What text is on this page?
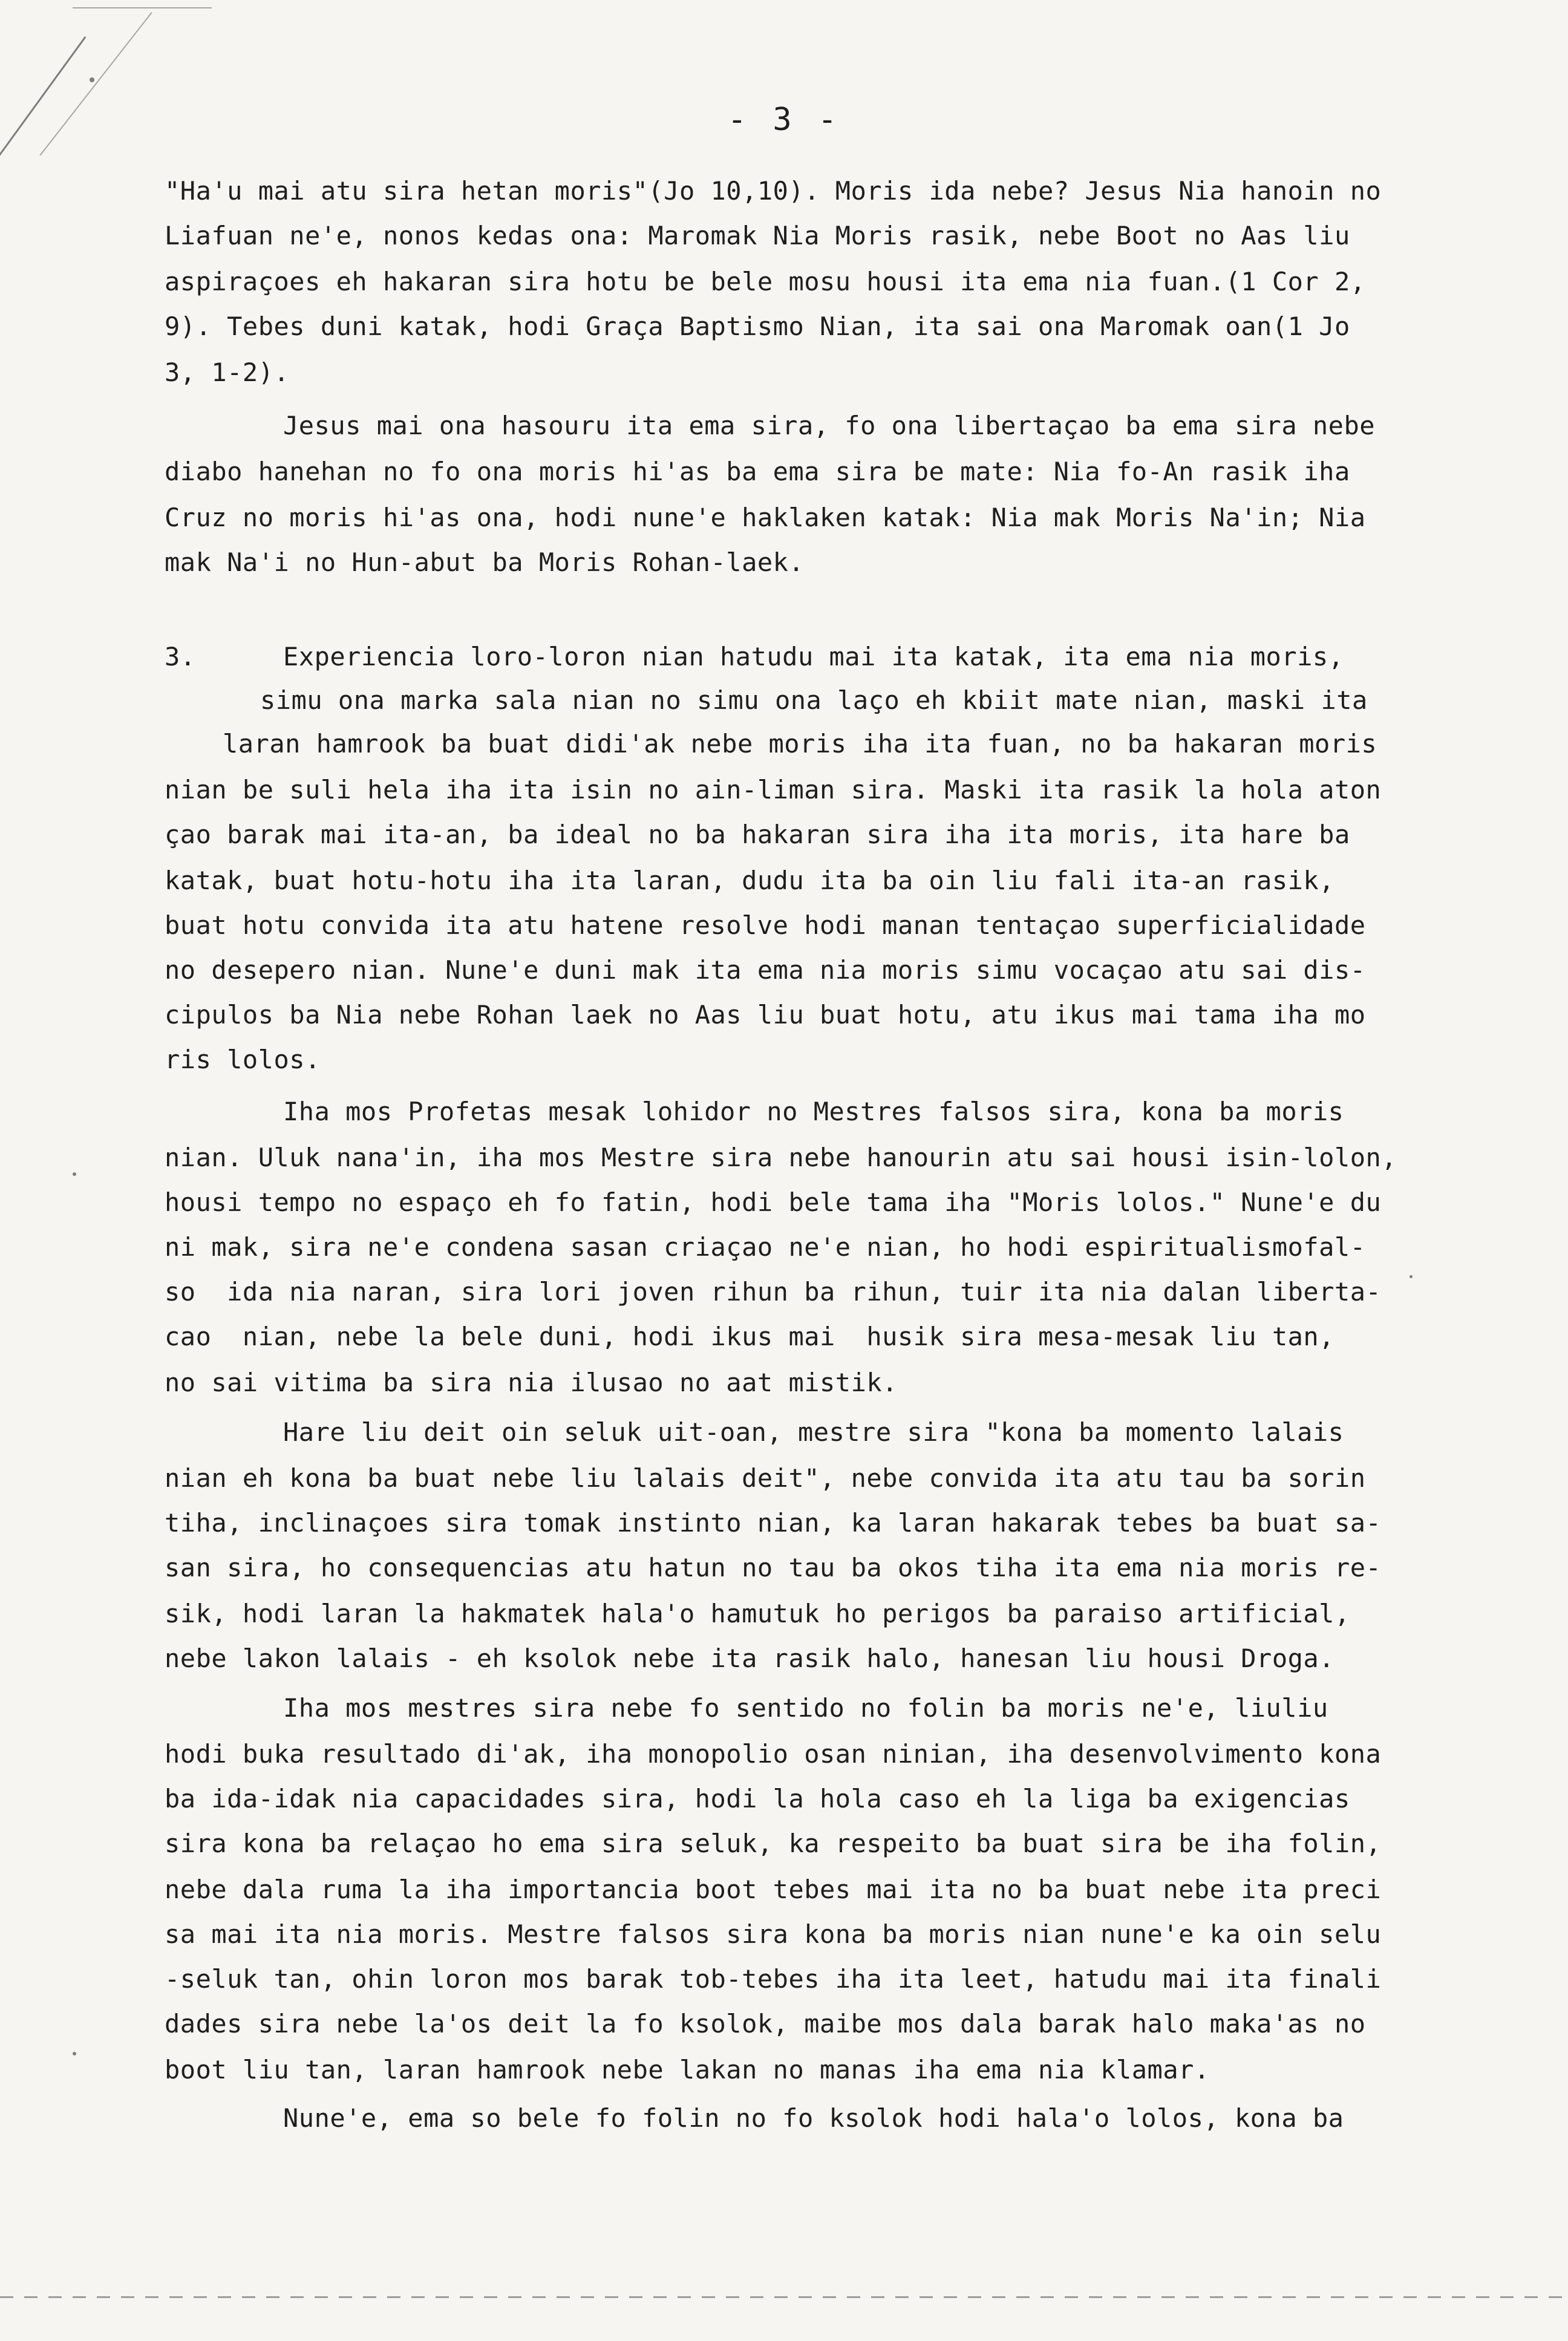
- 3 -
"Ha'u mai atu sira hetan moris"(Jo 10,10). Moris ida nebe? Jesus Nia hanoin no
Liafuan ne'e, nonos kedas ona: Maromak Nia Moris rasik, nebe Boot no Aas liu
aspiraçoes eh hakaran sira hotu be bele mosu housi ita ema nia fuan.(1 Cor 2,
9). Tebes duni katak, hodi Graça Baptismo Nian, ita sai ona Maromak oan(1 Jo
3, 1-2).
Jesus mai ona hasouru ita ema sira, fo ona libertaçao ba ema sira nebe
diabo hanehan no fo ona moris hi'as ba ema sira be mate: Nia fo-An rasik iha
Cruz no moris hi'as ona, hodi nune'e haklaken katak: Nia mak Moris Na'in; Nia
mak Na'i no Hun-abut ba Moris Rohan-laek.
3.	Experiencia loro-loron nian hatudu mai ita katak, ita ema nia moris,
simu ona marka sala nian no simu ona laço eh kbiit mate nian, maski ita
laran hamrook ba buat didi'ak nebe moris iha ita fuan, no ba hakaran moris
nian be suli hela iha ita isin no ain-liman sira. Maski ita rasik la hola aton
çao barak mai ita-an, ba ideal no ba hakaran sira iha ita moris, ita hare ba
katak, buat hotu-hotu iha ita laran, dudu ita ba oin liu fali ita-an rasik,
buat hotu convida ita atu hatene resolve hodi manan tentaçao superficialidade
no desepero nian. Nune'e duni mak ita ema nia moris simu vocaçao atu sai dis-
cipulos ba Nia nebe Rohan laek no Aas liu buat hotu, atu ikus mai tama iha mo
ris lolos.
Iha mos Profetas mesak lohidor no Mestres falsos sira, kona ba moris
nian. Uluk nana'in, iha mos Mestre sira nebe hanourin atu sai housi isin-lolon,
housi tempo no espaço eh fo fatin, hodi bele tama iha "Moris lolos." Nune'e du
ni mak, sira ne'e condena sasan criaçao ne'e nian, ho hodi espiritualismofal-
so  ida nia naran, sira lori joven rihun ba rihun, tuir ita nia dalan liberta-
cao  nian, nebe la bele duni, hodi ikus mai  husik sira mesa-mesak liu tan,
no sai vitima ba sira nia ilusao no aat mistik.
Hare liu deit oin seluk uit-oan, mestre sira "kona ba momento lalais
nian eh kona ba buat nebe liu lalais deit", nebe convida ita atu tau ba sorin
tiha, inclinaçoes sira tomak instinto nian, ka laran hakarak tebes ba buat sa-
san sira, ho consequencias atu hatun no tau ba okos tiha ita ema nia moris re-
sik, hodi laran la hakmatek hala'o hamutuk ho perigos ba paraiso artificial,
nebe lakon lalais - eh ksolok nebe ita rasik halo, hanesan liu housi Droga.
Iha mos mestres sira nebe fo sentido no folin ba moris ne'e, liuliu
hodi buka resultado di'ak, iha monopolio osan ninian, iha desenvolvimento kona
ba ida-idak nia capacidades sira, hodi la hola caso eh la liga ba exigencias
sira kona ba relaçao ho ema sira seluk, ka respeito ba buat sira be iha folin,
nebe dala ruma la iha importancia boot tebes mai ita no ba buat nebe ita preci
sa mai ita nia moris. Mestre falsos sira kona ba moris nian nune'e ka oin selu
-seluk tan, ohin loron mos barak tob-tebes iha ita leet, hatudu mai ita finali
dades sira nebe la'os deit la fo ksolok, maibe mos dala barak halo maka'as no
boot liu tan, laran hamrook nebe lakan no manas iha ema nia klamar.
Nune'e, ema so bele fo folin no fo ksolok hodi hala'o lolos, kona ba
